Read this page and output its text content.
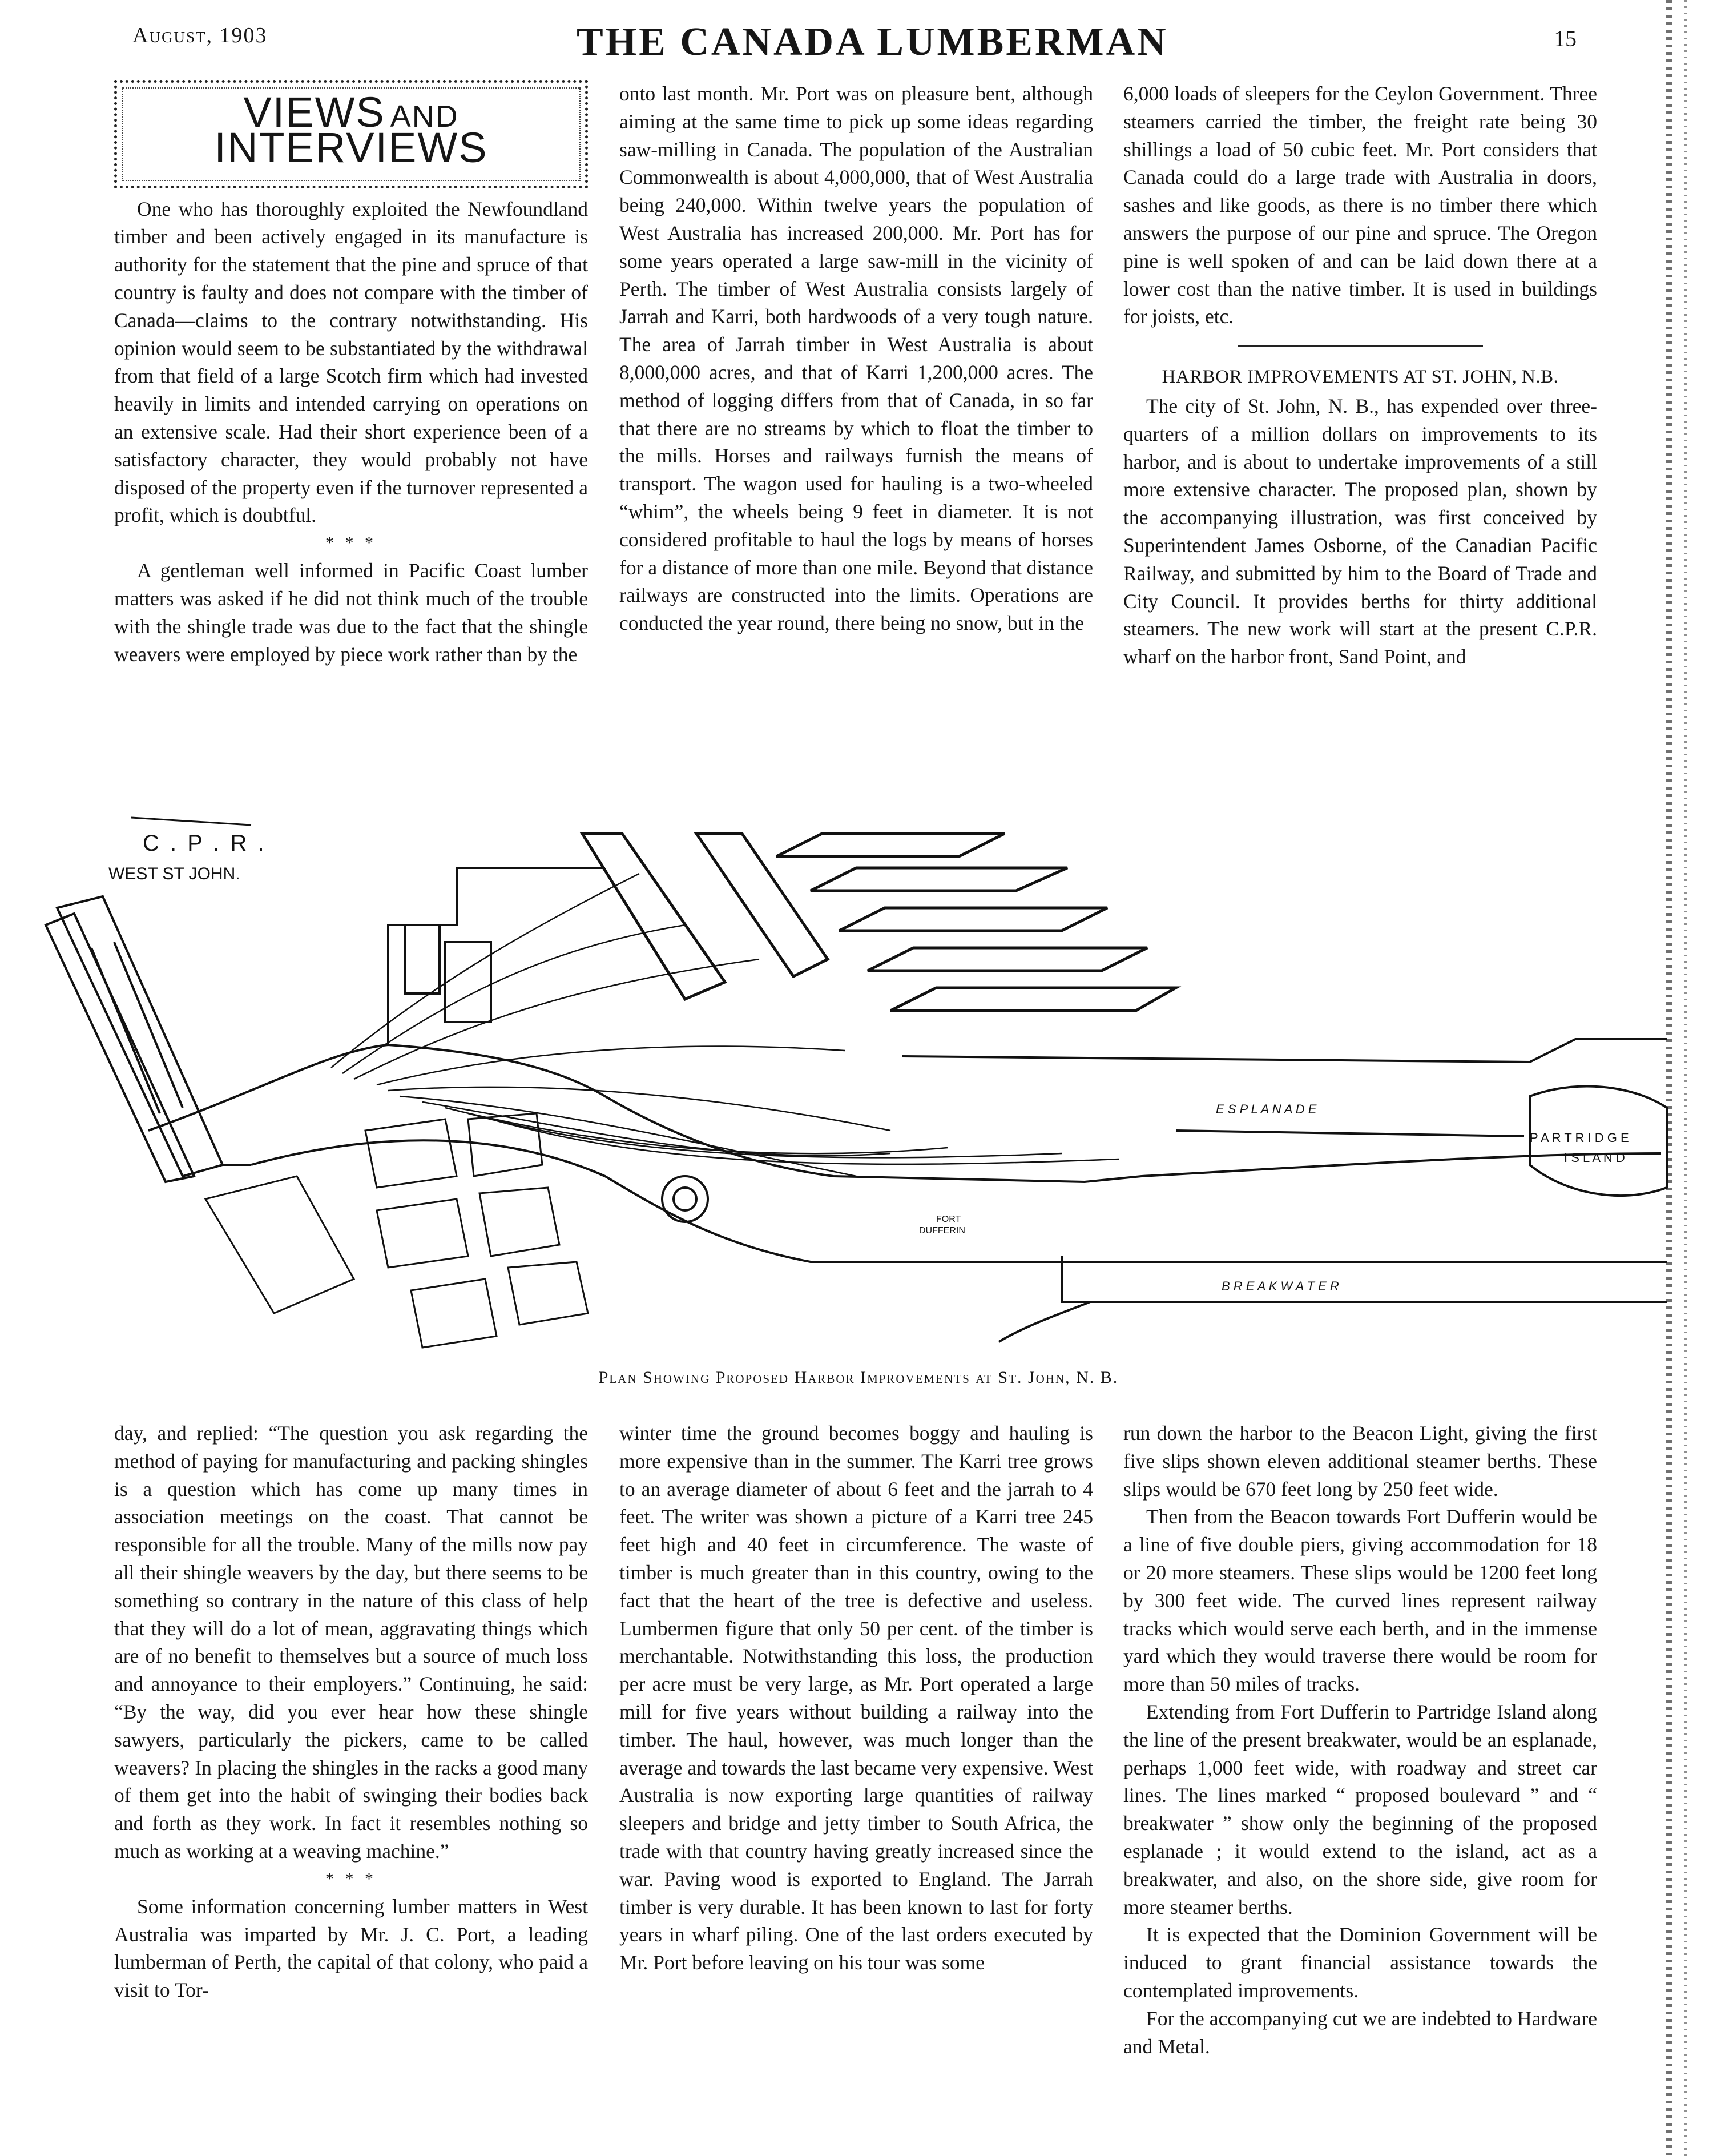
August, 1903	THE CANADA LUMBERMAN	15
VIEWS AND INTERVIEWS

One who has thoroughly exploited the Newfoundland timber and been actively engaged in its manufacture is authority for the statement that the pine and spruce of that country is faulty and does not compare with the timber of Canada—claims to the contrary notwithstanding. His opinion would seem to be substantiated by the withdrawal from that field of a large Scotch firm which had invested heavily in limits and intended carrying on operations on an extensive scale. Had their short experience been of a satisfactory character, they would probably not have disposed of the property even if the turnover represented a profit, which is doubtful.

* * *

A gentleman well informed in Pacific Coast lumber matters was asked if he did not think much of the trouble with the shingle trade was due to the fact that the shingle weavers were employed by piece work rather than by the

onto last month. Mr. Port was on pleasure bent, although aiming at the same time to pick up some ideas regarding saw-milling in Canada. The population of the Australian Commonwealth is about 4,000,000, that of West Australia being 240,000. Within twelve years the population of West Australia has increased 200,000. Mr. Port has for some years operated a large saw-mill in the vicinity of Perth. The timber of West Australia consists largely of Jarrah and Karri, both hardwoods of a very tough nature. The area of Jarrah timber in West Australia is about 8,000,000 acres, and that of Karri 1,200,000 acres. The method of logging differs from that of Canada, in so far that there are no streams by which to float the timber to the mills. Horses and railways furnish the means of transport. The wagon used for hauling is a two-wheeled “whim”, the wheels being 9 feet in diameter. It is not considered profitable to haul the logs by means of horses for a distance of more than one mile. Beyond that distance railways are constructed into the limits. Operations are conducted the year round, there being no snow, but in the

6,000 loads of sleepers for the Ceylon Government. Three steamers carried the timber, the freight rate being 30 shillings a load of 50 cubic feet. Mr. Port considers that Canada could do a large trade with Australia in doors, sashes and like goods, as there is no timber there which answers the purpose of our pine and spruce. The Oregon pine is well spoken of and can be laid down there at a lower cost than the native timber. It is used in buildings for joists, etc.

HARBOR IMPROVEMENTS AT ST. JOHN, N.B.

The city of St. John, N. B., has expended over three-quarters of a million dollars on improvements to its harbor, and is about to undertake improvements of a still more extensive character. The proposed plan, shown by the accompanying illustration, was first conceived by Superintendent James Osborne, of the Canadian Pacific Railway, and submitted by him to the Board of Trade and City Council. It provides berths for thirty additional steamers. The new work will start at the present C.P.R. wharf on the harbor front, Sand Point, and

C . P . R .
WEST ST JOHN.
E S P L A N A D E
B R E A K W A T E R
P A R T R I D G E
I S L A N D
FORT
DUFFERIN
Plan Showing Proposed Harbor Improvements at St. John, N. B.

day, and replied: “The question you ask regarding the method of paying for manufacturing and packing shingles is a question which has come up many times in association meetings on the coast. That cannot be responsible for all the trouble. Many of the mills now pay all their shingle weavers by the day, but there seems to be something so contrary in the nature of this class of help that they will do a lot of mean, aggravating things which are of no benefit to themselves but a source of much loss and annoyance to their employers.” Continuing, he said: “By the way, did you ever hear how these shingle sawyers, particularly the pickers, came to be called weavers? In placing the shingles in the racks a good many of them get into the habit of swinging their bodies back and forth as they work. In fact it resembles nothing so much as working at a weaving machine.”

* * *

Some information concerning lumber matters in West Australia was imparted by Mr. J. C. Port, a leading lumberman of Perth, the capital of that colony, who paid a visit to Tor-

winter time the ground becomes boggy and hauling is more expensive than in the summer. The Karri tree grows to an average diameter of about 6 feet and the jarrah to 4 feet. The writer was shown a picture of a Karri tree 245 feet high and 40 feet in circumference. The waste of timber is much greater than in this country, owing to the fact that the heart of the tree is defective and useless. Lumbermen figure that only 50 per cent. of the timber is merchantable. Notwithstanding this loss, the production per acre must be very large, as Mr. Port operated a large mill for five years without building a railway into the timber. The haul, however, was much longer than the average and towards the last became very expensive. West Australia is now exporting large quantities of railway sleepers and bridge and jetty timber to South Africa, the trade with that country having greatly increased since the war. Paving wood is exported to England. The Jarrah timber is very durable. It has been known to last for forty years in wharf piling. One of the last orders executed by Mr. Port before leaving on his tour was some

run down the harbor to the Beacon Light, giving the first five slips shown eleven additional steamer berths. These slips would be 670 feet long by 250 feet wide.

Then from the Beacon towards Fort Dufferin would be a line of five double piers, giving accommodation for 18 or 20 more steamers. These slips would be 1200 feet long by 300 feet wide. The curved lines represent railway tracks which would serve each berth, and in the immense yard which they would traverse there would be room for more than 50 miles of tracks.

Extending from Fort Dufferin to Partridge Island along the line of the present breakwater, would be an esplanade, perhaps 1,000 feet wide, with roadway and street car lines. The lines marked “ proposed boulevard ” and “ breakwater ” show only the beginning of the proposed esplanade ; it would extend to the island, act as a breakwater, and also, on the shore side, give room for more steamer berths.

It is expected that the Dominion Government will be induced to grant financial assistance towards the contemplated improvements.

For the accompanying cut we are indebted to Hardware and Metal.
